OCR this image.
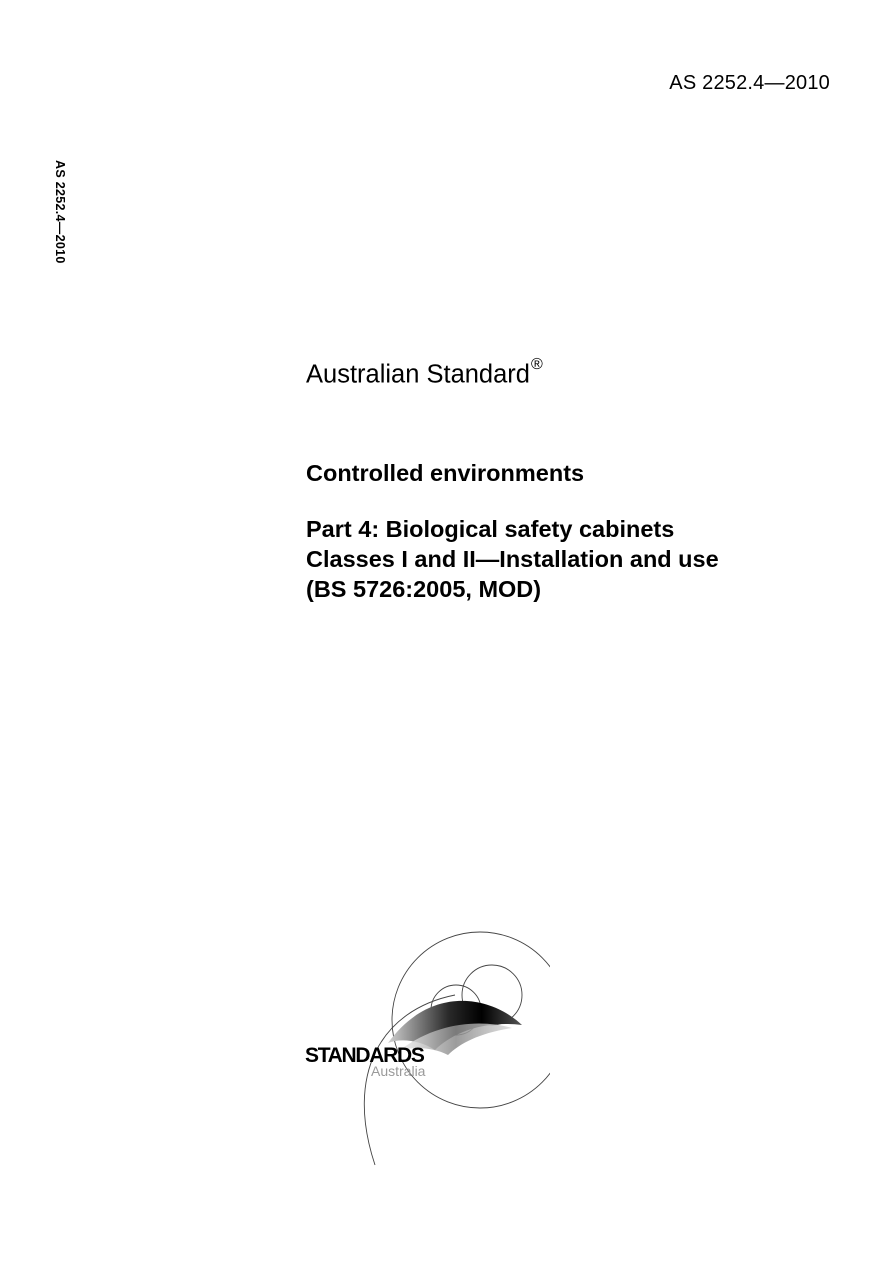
AS 2252.4—2010
AS 2252.4—2010
Australian Standard®
Controlled environments
Part 4: Biological safety cabinets
Classes I and II—Installation and use
(BS 5726:2005, MOD)
STANDARDS
Australia
